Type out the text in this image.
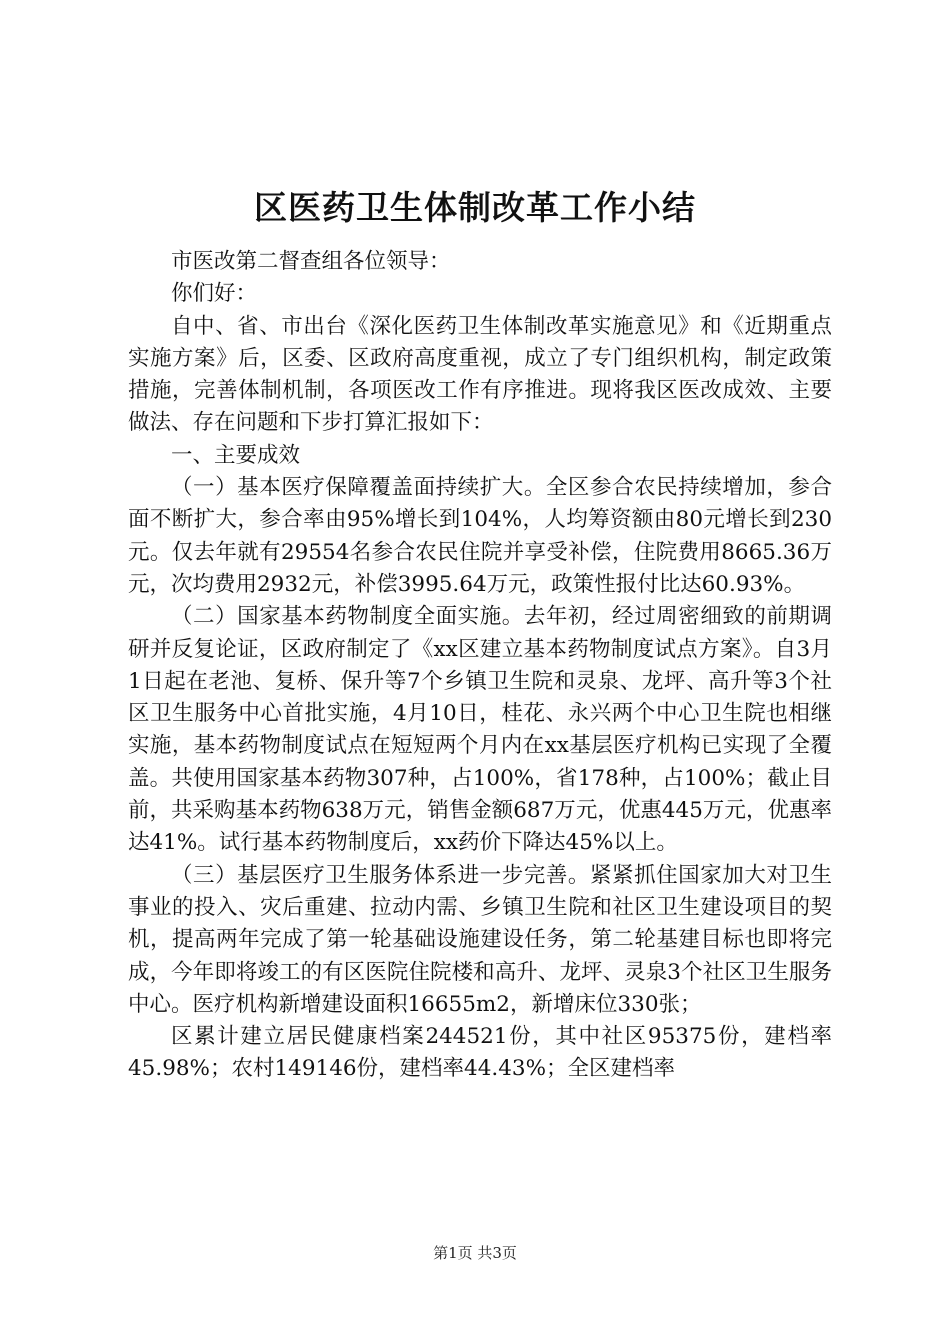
区医药卫生体制改革工作小结

市医改第二督查组各位领导：

你们好：

自中、省、市出台《深化医药卫生体制改革实施意见》和《近期重点实施方案》后，区委、区政府高度重视，成立了专门组织机构，制定政策措施，完善体制机制，各项医改工作有序推进。现将我区医改成效、主要做法、存在问题和下步打算汇报如下：

一、主要成效

（一）基本医疗保障覆盖面持续扩大。全区参合农民持续增加，参合面不断扩大，参合率由95%增长到104%，人均筹资额由80元增长到230元。仅去年就有29554名参合农民住院并享受补偿，住院费用8665.36万元，次均费用2932元，补偿3995.64万元，政策性报付比达60.93%。

（二）国家基本药物制度全面实施。去年初，经过周密细致的前期调研并反复论证，区政府制定了《xx区建立基本药物制度试点方案》。自3月1日起在老池、复桥、保升等7个乡镇卫生院和灵泉、龙坪、高升等3个社区卫生服务中心首批实施，4月10日，桂花、永兴两个中心卫生院也相继实施，基本药物制度试点在短短两个月内在xx基层医疗机构已实现了全覆盖。共使用国家基本药物307种，占100%，省178种，占100%；截止目前，共采购基本药物638万元，销售金额687万元，优惠445万元，优惠率达41%。试行基本药物制度后，xx药价下降达45%以上。

（三）基层医疗卫生服务体系进一步完善。紧紧抓住国家加大对卫生事业的投入、灾后重建、拉动内需、乡镇卫生院和社区卫生建设项目的契机，提高两年完成了第一轮基础设施建设任务，第二轮基建目标也即将完成，今年即将竣工的有区医院住院楼和高升、龙坪、灵泉3个社区卫生服务中心。医疗机构新增建设面积16655m2，新增床位330张；

区累计建立居民健康档案244521份，其中社区95375份，建档率45.98%；农村149146份，建档率44.43%；全区建档率

第1页 共3页
